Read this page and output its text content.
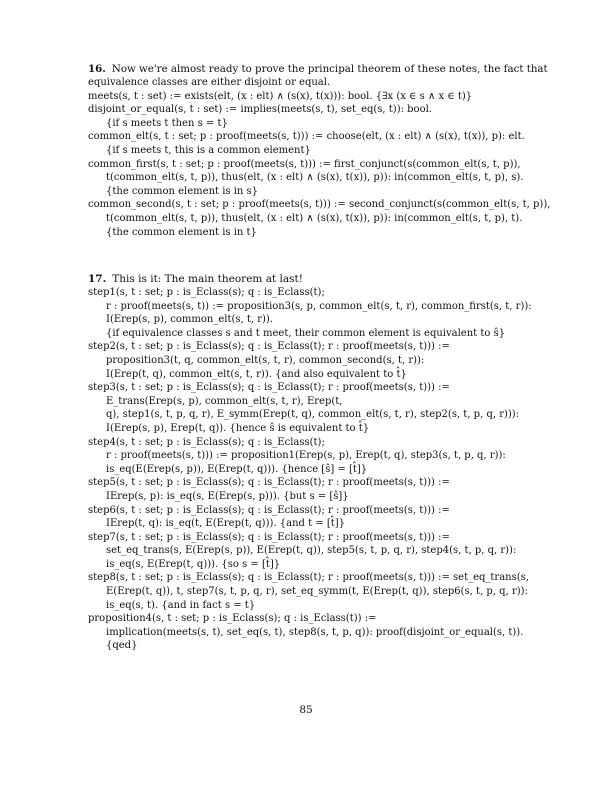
16. Now we're almost ready to prove the principal theorem of these notes, the fact that
equivalence classes are either disjoint or equal.
meets(s, t : set) := exists(elt, (x : elt) ∧ (s(x), t(x))): bool. {∃x (x ∈ s ∧ x ∈ t)}
disjoint_or_equal(s, t : set) := implies(meets(s, t), set_eq(s, t)): bool.
{if s meets t then s = t}
common_elt(s, t : set; p : proof(meets(s, t))) := choose(elt, (x : elt) ∧ (s(x), t(x)), p): elt.
{if s meets t, this is a common element}
common_first(s, t : set; p : proof(meets(s, t))) := first_conjunct(s(common_elt(s, t, p)),
t(common_elt(s, t, p)), thus(elt, (x : elt) ∧ (s(x), t(x)), p)): in(common_elt(s, t, p), s).
{the common element is in s}
common_second(s, t : set; p : proof(meets(s, t))) := second_conjunct(s(common_elt(s, t, p)),
t(common_elt(s, t, p)), thus(elt, (x : elt) ∧ (s(x), t(x)), p)): in(common_elt(s, t, p), t).
{the common element is in t}
17. This is it: The main theorem at last!
step1(s, t : set; p : is_Eclass(s); q : is_Eclass(t);
r : proof(meets(s, t)) := proposition3(s, p, common_elt(s, t, r), common_first(s, t, r)):
I(Erep(s, p), common_elt(s, t, r)).
{if equivalence classes s and t meet, their common element is equivalent to ŝ}
step2(s, t : set; p : is_Eclass(s); q : is_Eclass(t); r : proof(meets(s, t))) :=
proposition3(t, q, common_elt(s, t, r), common_second(s, t, r)):
I(Erep(t, q), common_elt(s, t, r)). {and also equivalent to t̂}
step3(s, t : set; p : is_Eclass(s); q : is_Eclass(t); r : proof(meets(s, t))) :=
E_trans(Erep(s, p), common_elt(s, t, r), Erep(t,
q), step1(s, t, p, q, r), E_symm(Erep(t, q), common_elt(s, t, r), step2(s, t, p, q, r))):
I(Erep(s, p), Erep(t, q)). {hence ŝ is equivalent to t̂}
step4(s, t : set; p : is_Eclass(s); q : is_Eclass(t);
r : proof(meets(s, t))) := proposition1(Erep(s, p), Erep(t, q), step3(s, t, p, q, r)):
is_eq(E(Erep(s, p)), E(Erep(t, q))). {hence [ŝ] = [t̂]}
step5(s, t : set; p : is_Eclass(s); q : is_Eclass(t); r : proof(meets(s, t))) :=
IErep(s, p): is_eq(s, E(Erep(s, p))). {but s = [ŝ]}
step6(s, t : set; p : is_Eclass(s); q : is_Eclass(t); r : proof(meets(s, t))) :=
IErep(t, q): is_eq(t, E(Erep(t, q))). {and t = [t̂]}
step7(s, t : set; p : is_Eclass(s); q : is_Eclass(t); r : proof(meets(s, t))) :=
set_eq_trans(s, E(Erep(s, p)), E(Erep(t, q)), step5(s, t, p, q, r), step4(s, t, p, q, r)):
is_eq(s, E(Erep(t, q))). {so s = [t̂]}
step8(s, t : set; p : is_Eclass(s); q : is_Eclass(t); r : proof(meets(s, t))) := set_eq_trans(s,
E(Erep(t, q)), t, step7(s, t, p, q, r), set_eq_symm(t, E(Erep(t, q)), step6(s, t, p, q, r)):
is_eq(s, t). {and in fact s = t}
proposition4(s, t : set; p : is_Eclass(s); q : is_Eclass(t)) :=
implication(meets(s, t), set_eq(s, t), step8(s, t, p, q)): proof(disjoint_or_equal(s, t)).
{qed}
85
